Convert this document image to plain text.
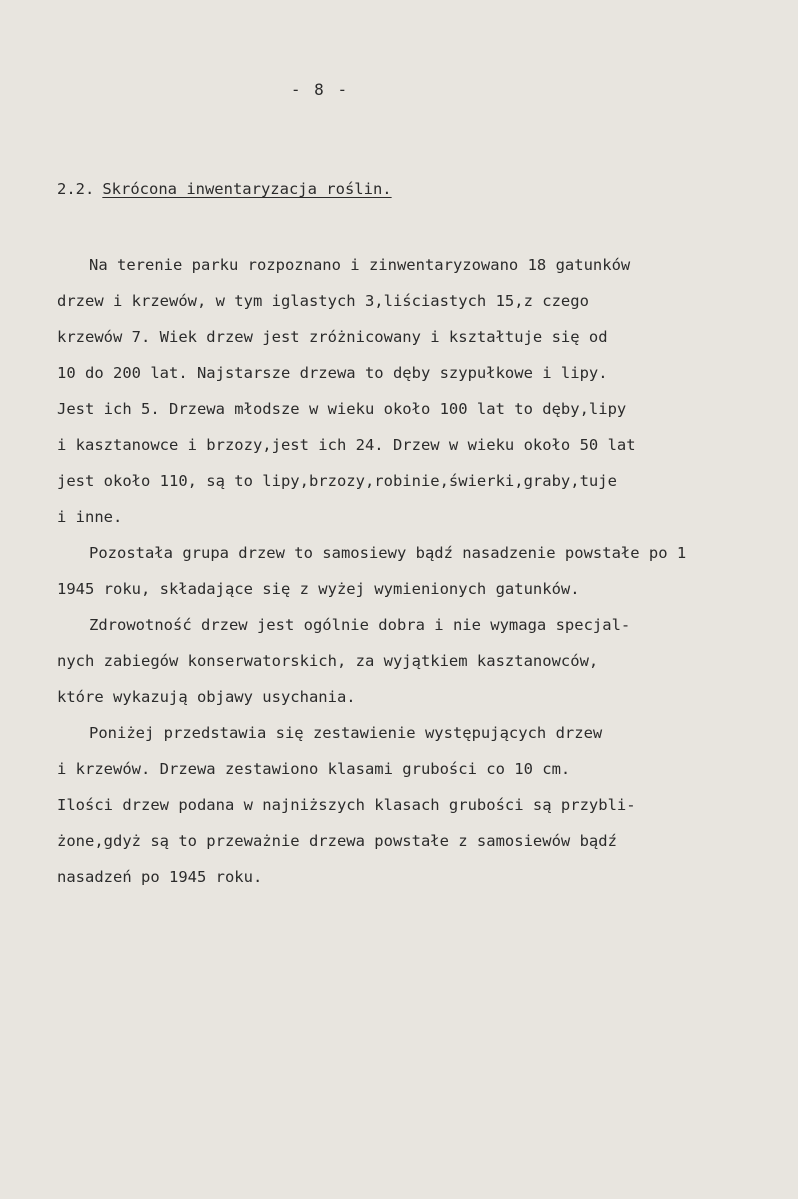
- 8 -
2.2. Skrócona inwentaryzacja roślin.
Na terenie parku rozpoznano i zinwentaryzowano 18 gatunków
drzew i krzewów, w tym iglastych 3,liściastych 15,z czego
krzewów 7. Wiek drzew jest zróżnicowany i kształtuje się od
10 do 200 lat. Najstarsze drzewa to dęby szypułkowe i lipy.
Jest ich 5. Drzewa młodsze w wieku około 100 lat to dęby,lipy
i kasztanowce i brzozy,jest ich 24. Drzew w wieku około 50 lat
jest około 110, są to lipy,brzozy,robinie,świerki,graby,tuje
i inne.
Pozostała grupa drzew to samosiewy bądź nasadzenie powstałe po 1
1945 roku, składające się z wyżej wymienionych gatunków.
Zdrowotność drzew jest ogólnie dobra i nie wymaga specjal-
nych zabiegów konserwatorskich, za wyjątkiem kasztanowców,
które wykazują objawy usychania.
Poniżej przedstawia się zestawienie występujących drzew
i krzewów. Drzewa zestawiono klasami grubości co 10 cm.
Ilości drzew podana w najniższych klasach grubości są przybli-
żone,gdyż są to przeważnie drzewa powstałe z samosiewów bądź
nasadzeń po 1945 roku.
